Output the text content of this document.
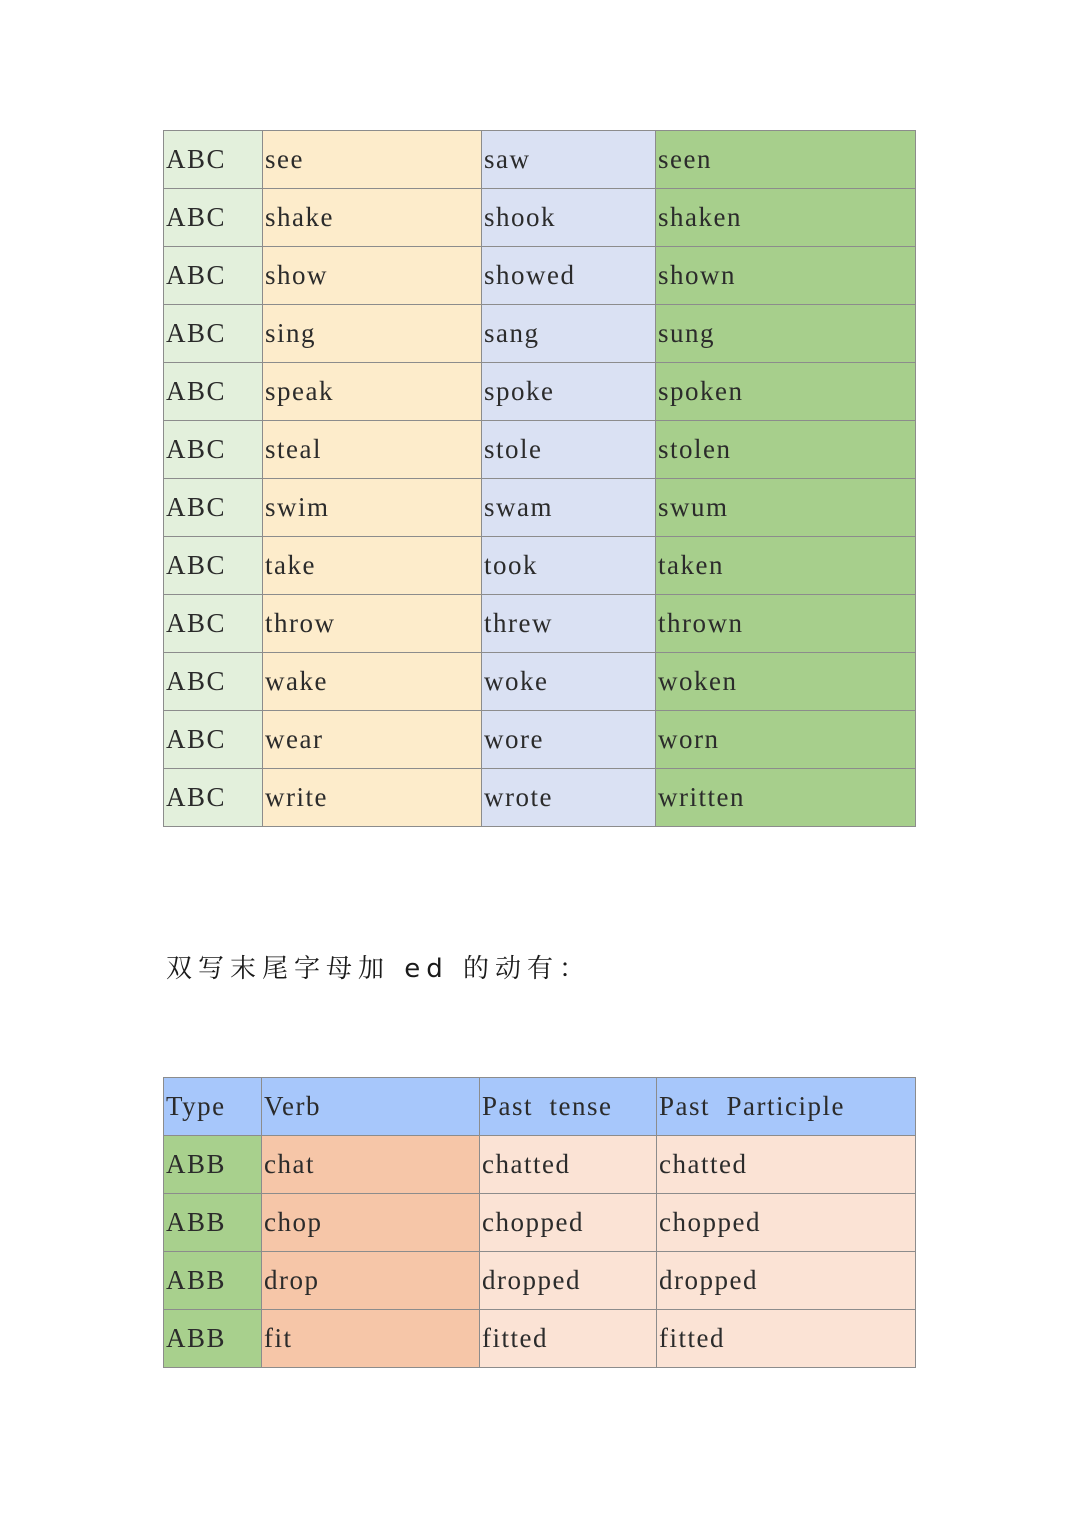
ABC	see	saw	seen
ABC	shake	shook	shaken
ABC	show	showed	shown
ABC	sing	sang	sung
ABC	speak	spoke	spoken
ABC	steal	stole	stolen
ABC	swim	swam	swum
ABC	take	took	taken
ABC	throw	threw	thrown
ABC	wake	woke	woken
ABC	wear	wore	worn
ABC	write	wrote	written
双写末尾字母加 ed 的动有：
Type	Verb	Past  tense	Past  Participle
ABB	chat	chatted	chatted
ABB	chop	chopped	chopped
ABB	drop	dropped	dropped
ABB	fit	fitted	fitted
